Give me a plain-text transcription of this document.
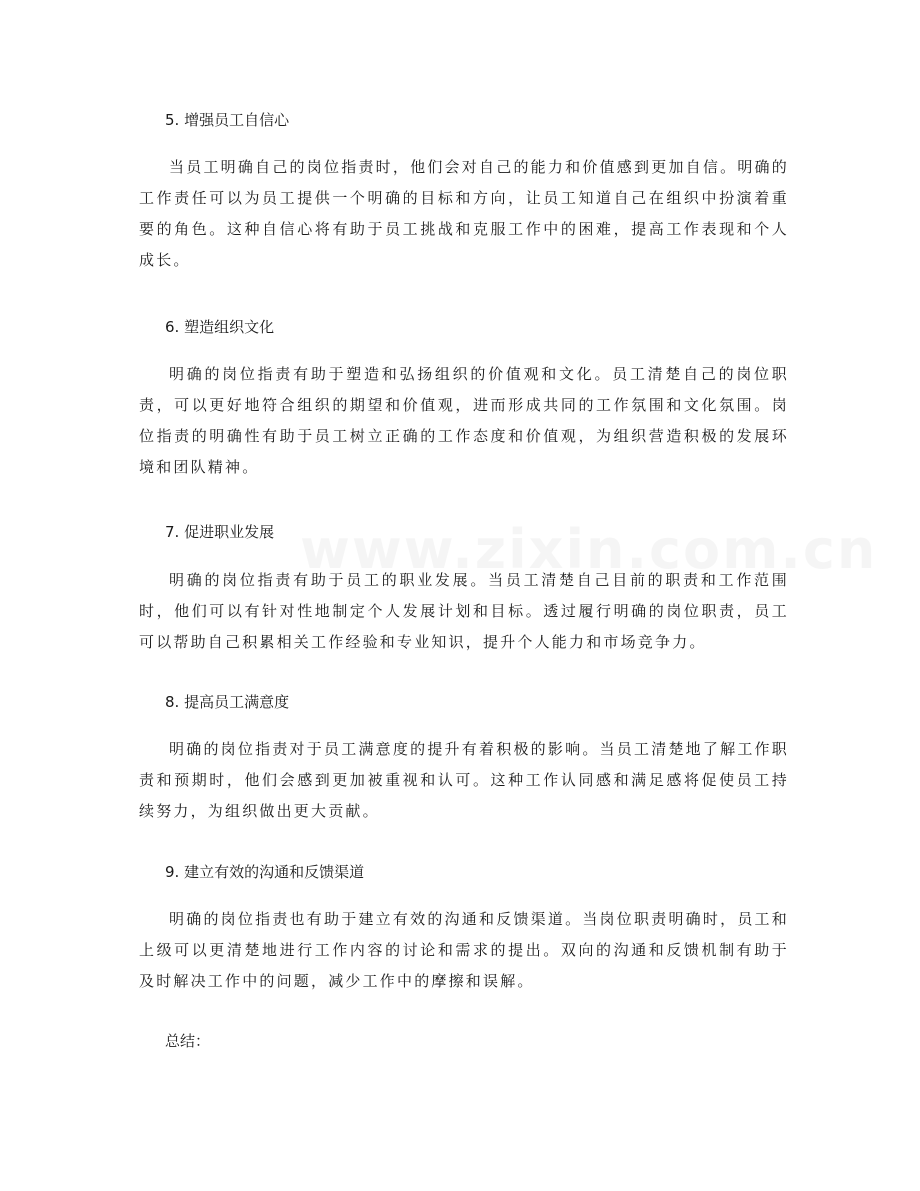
5. 增强员工自信心
当员工明确自己的岗位指责时，他们会对自己的能力和价值感到更加自信。明确的工作责任可以为员工提供一个明确的目标和方向，让员工知道自己在组织中扮演着重要的角色。这种自信心将有助于员工挑战和克服工作中的困难，提高工作表现和个人成长。
6. 塑造组织文化
明确的岗位指责有助于塑造和弘扬组织的价值观和文化。员工清楚自己的岗位职责，可以更好地符合组织的期望和价值观，进而形成共同的工作氛围和文化氛围。岗位指责的明确性有助于员工树立正确的工作态度和价值观，为组织营造积极的发展环境和团队精神。
7. 促进职业发展
明确的岗位指责有助于员工的职业发展。当员工清楚自己目前的职责和工作范围时，他们可以有针对性地制定个人发展计划和目标。透过履行明确的岗位职责，员工可以帮助自己积累相关工作经验和专业知识，提升个人能力和市场竞争力。
8. 提高员工满意度
明确的岗位指责对于员工满意度的提升有着积极的影响。当员工清楚地了解工作职责和预期时，他们会感到更加被重视和认可。这种工作认同感和满足感将促使员工持续努力，为组织做出更大贡献。
9. 建立有效的沟通和反馈渠道
明确的岗位指责也有助于建立有效的沟通和反馈渠道。当岗位职责明确时，员工和上级可以更清楚地进行工作内容的讨论和需求的提出。双向的沟通和反馈机制有助于及时解决工作中的问题，减少工作中的摩擦和误解。
总结：
